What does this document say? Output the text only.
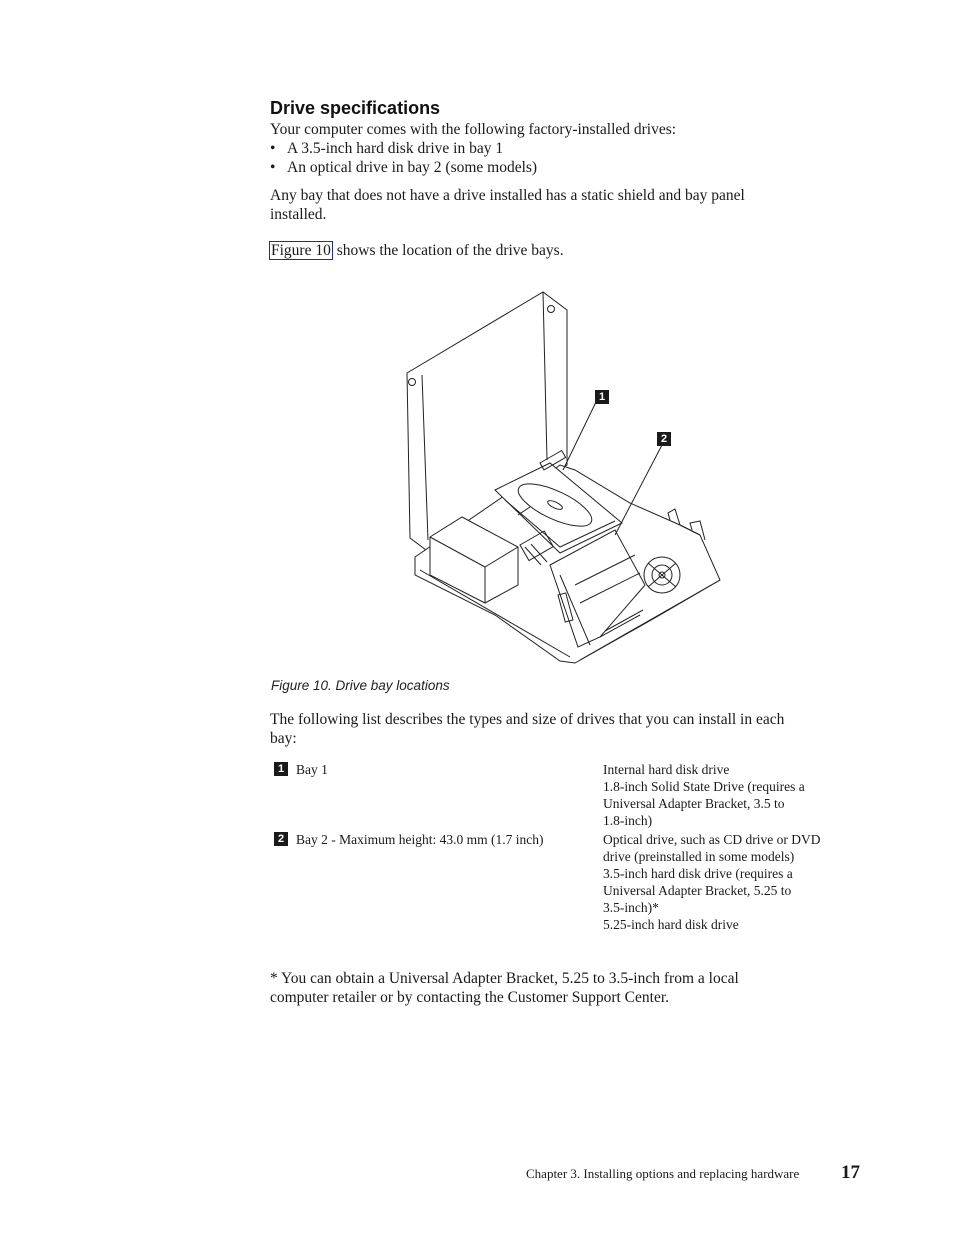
Drive specifications
Your computer comes with the following factory-installed drives:
• A 3.5-inch hard disk drive in bay 1
• An optical drive in bay 2 (some models)
Any bay that does not have a drive installed has a static shield and bay panel
installed.
Figure 10 shows the location of the drive bays.
1
2
Figure 10. Drive bay locations
The following list describes the types and size of drives that you can install in each
bay:
1 Bay 1	Internal hard disk drive
1.8-inch Solid State Drive (requires a
Universal Adapter Bracket, 3.5 to
1.8-inch)
2 Bay 2 - Maximum height: 43.0 mm (1.7 inch)	Optical drive, such as CD drive or DVD
drive (preinstalled in some models)
3.5-inch hard disk drive (requires a
Universal Adapter Bracket, 5.25 to
3.5-inch)*
5.25-inch hard disk drive
* You can obtain a Universal Adapter Bracket, 5.25 to 3.5-inch from a local
computer retailer or by contacting the Customer Support Center.
Chapter 3. Installing options and replacing hardware 17
